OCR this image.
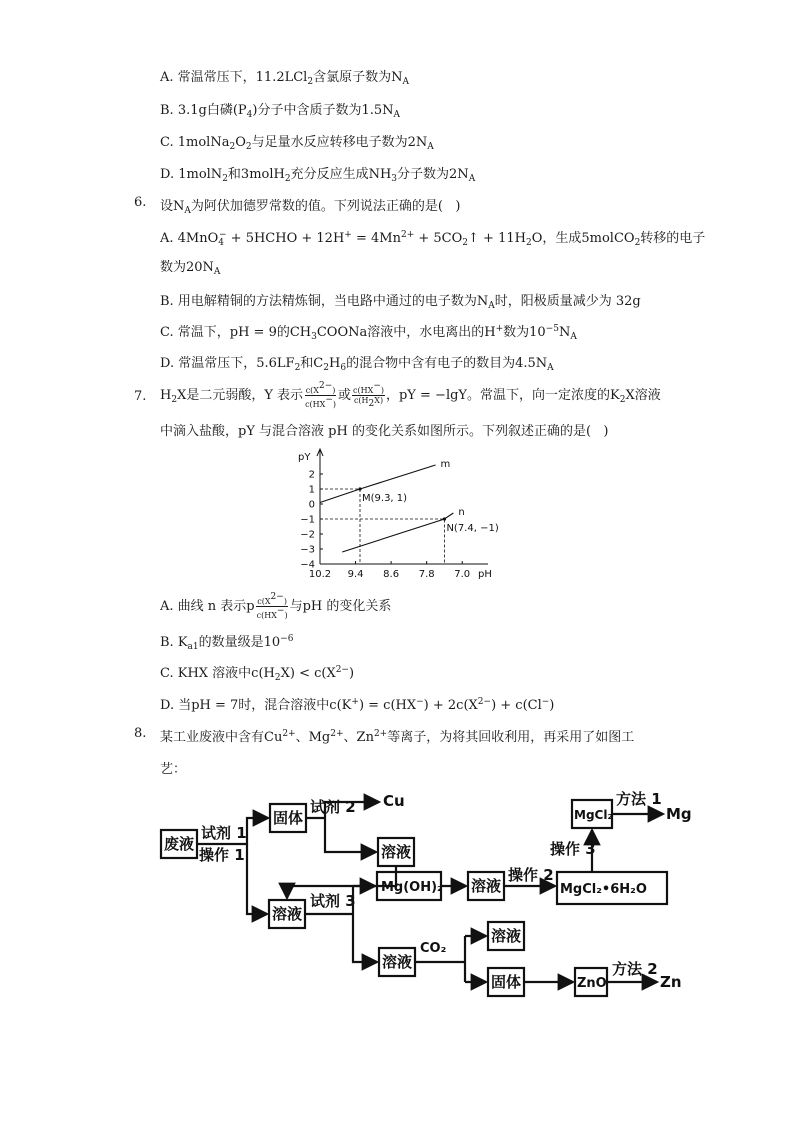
A. 常温常压下，11.2LCl$_2$含氯原子数为$N_A$
B. 3.1g白磷$(P_4)$分子中含质子数为$1.5N_A$
C. $1molNa_2O_2$与足量水反应转移电子数为$2N_A$
D. 1molN$_2$和3molH$_2$充分反应生成$NH_3$分子数为$2N_A$
6. 设$N_A$为阿伏加德罗常数的值。下列说法正确的是(   )
A. 4MnO$_4$− + 5HCHO + $12H^+ = 4Mn^{2+}$ + $5CO_2↑ + 11H_2O$，生成5molCO$_2$转移的电子
数为$20N_A$
B. 用电解精铜的方法精炼铜，当电路中通过的电子数为$N_A$时，阳极质量减少为 32g
C. 常温下，pH = 9的$CH_3COONa$溶液中，水电离出的H+数为$10^{-5}N_A$
D. 常温常压下，$5.6LF_2$和$C_2H_6$的混合物中含有电子的数目为$4.5N_A$
7. $H_2X$是二元弱酸，Y 表示 $\frac{c(X^{2-})}{c(HX^-)}$ 或 $\frac{c(HX^-)}{c(H_2X)}$ ，pY = −lgY。常温下，向一定浓度的$K_2X$溶液
中滴入盐酸，pY 与混合溶液 pH 的变化关系如图所示。下列叙述正确的是(   )
pY
pH
10.2 9.4 8.6 7.8 7.0
2
1
0
−1
−2
−3
−4
m
n
M(9.3, 1)
N(7.4, −1)
A. 曲线 n 表示p $\frac{c(X^{2-})}{c(HX^-)}$ 与pH 的变化关系
B. $K_{a1}$的数量级是$10^{-6}$
C. KHX 溶液中$c(H_2X) < c(X^{2-})$
D. 当pH = 7时，混合溶液中$c(K^+) = c(HX^-) + 2c(X^{2-}) + c(Cl^-)$
8. 某工业废液中含有$Cu^{2+}$、$Mg^{2+}$、$Zn^{2+}$等离子，为将其回收利用，再采用了如图工
艺：
废液
试剂 1
操作 1
固体
试剂 2 Cu
溶液
溶液
试剂 3
Mg(OH)₂ 溶液
操作 2
MgCl₂•6H₂O
操作 3
MgCl₂
方法 1
Mg
溶液
CO₂
溶液
固体	ZnO
方法 2
Zn
